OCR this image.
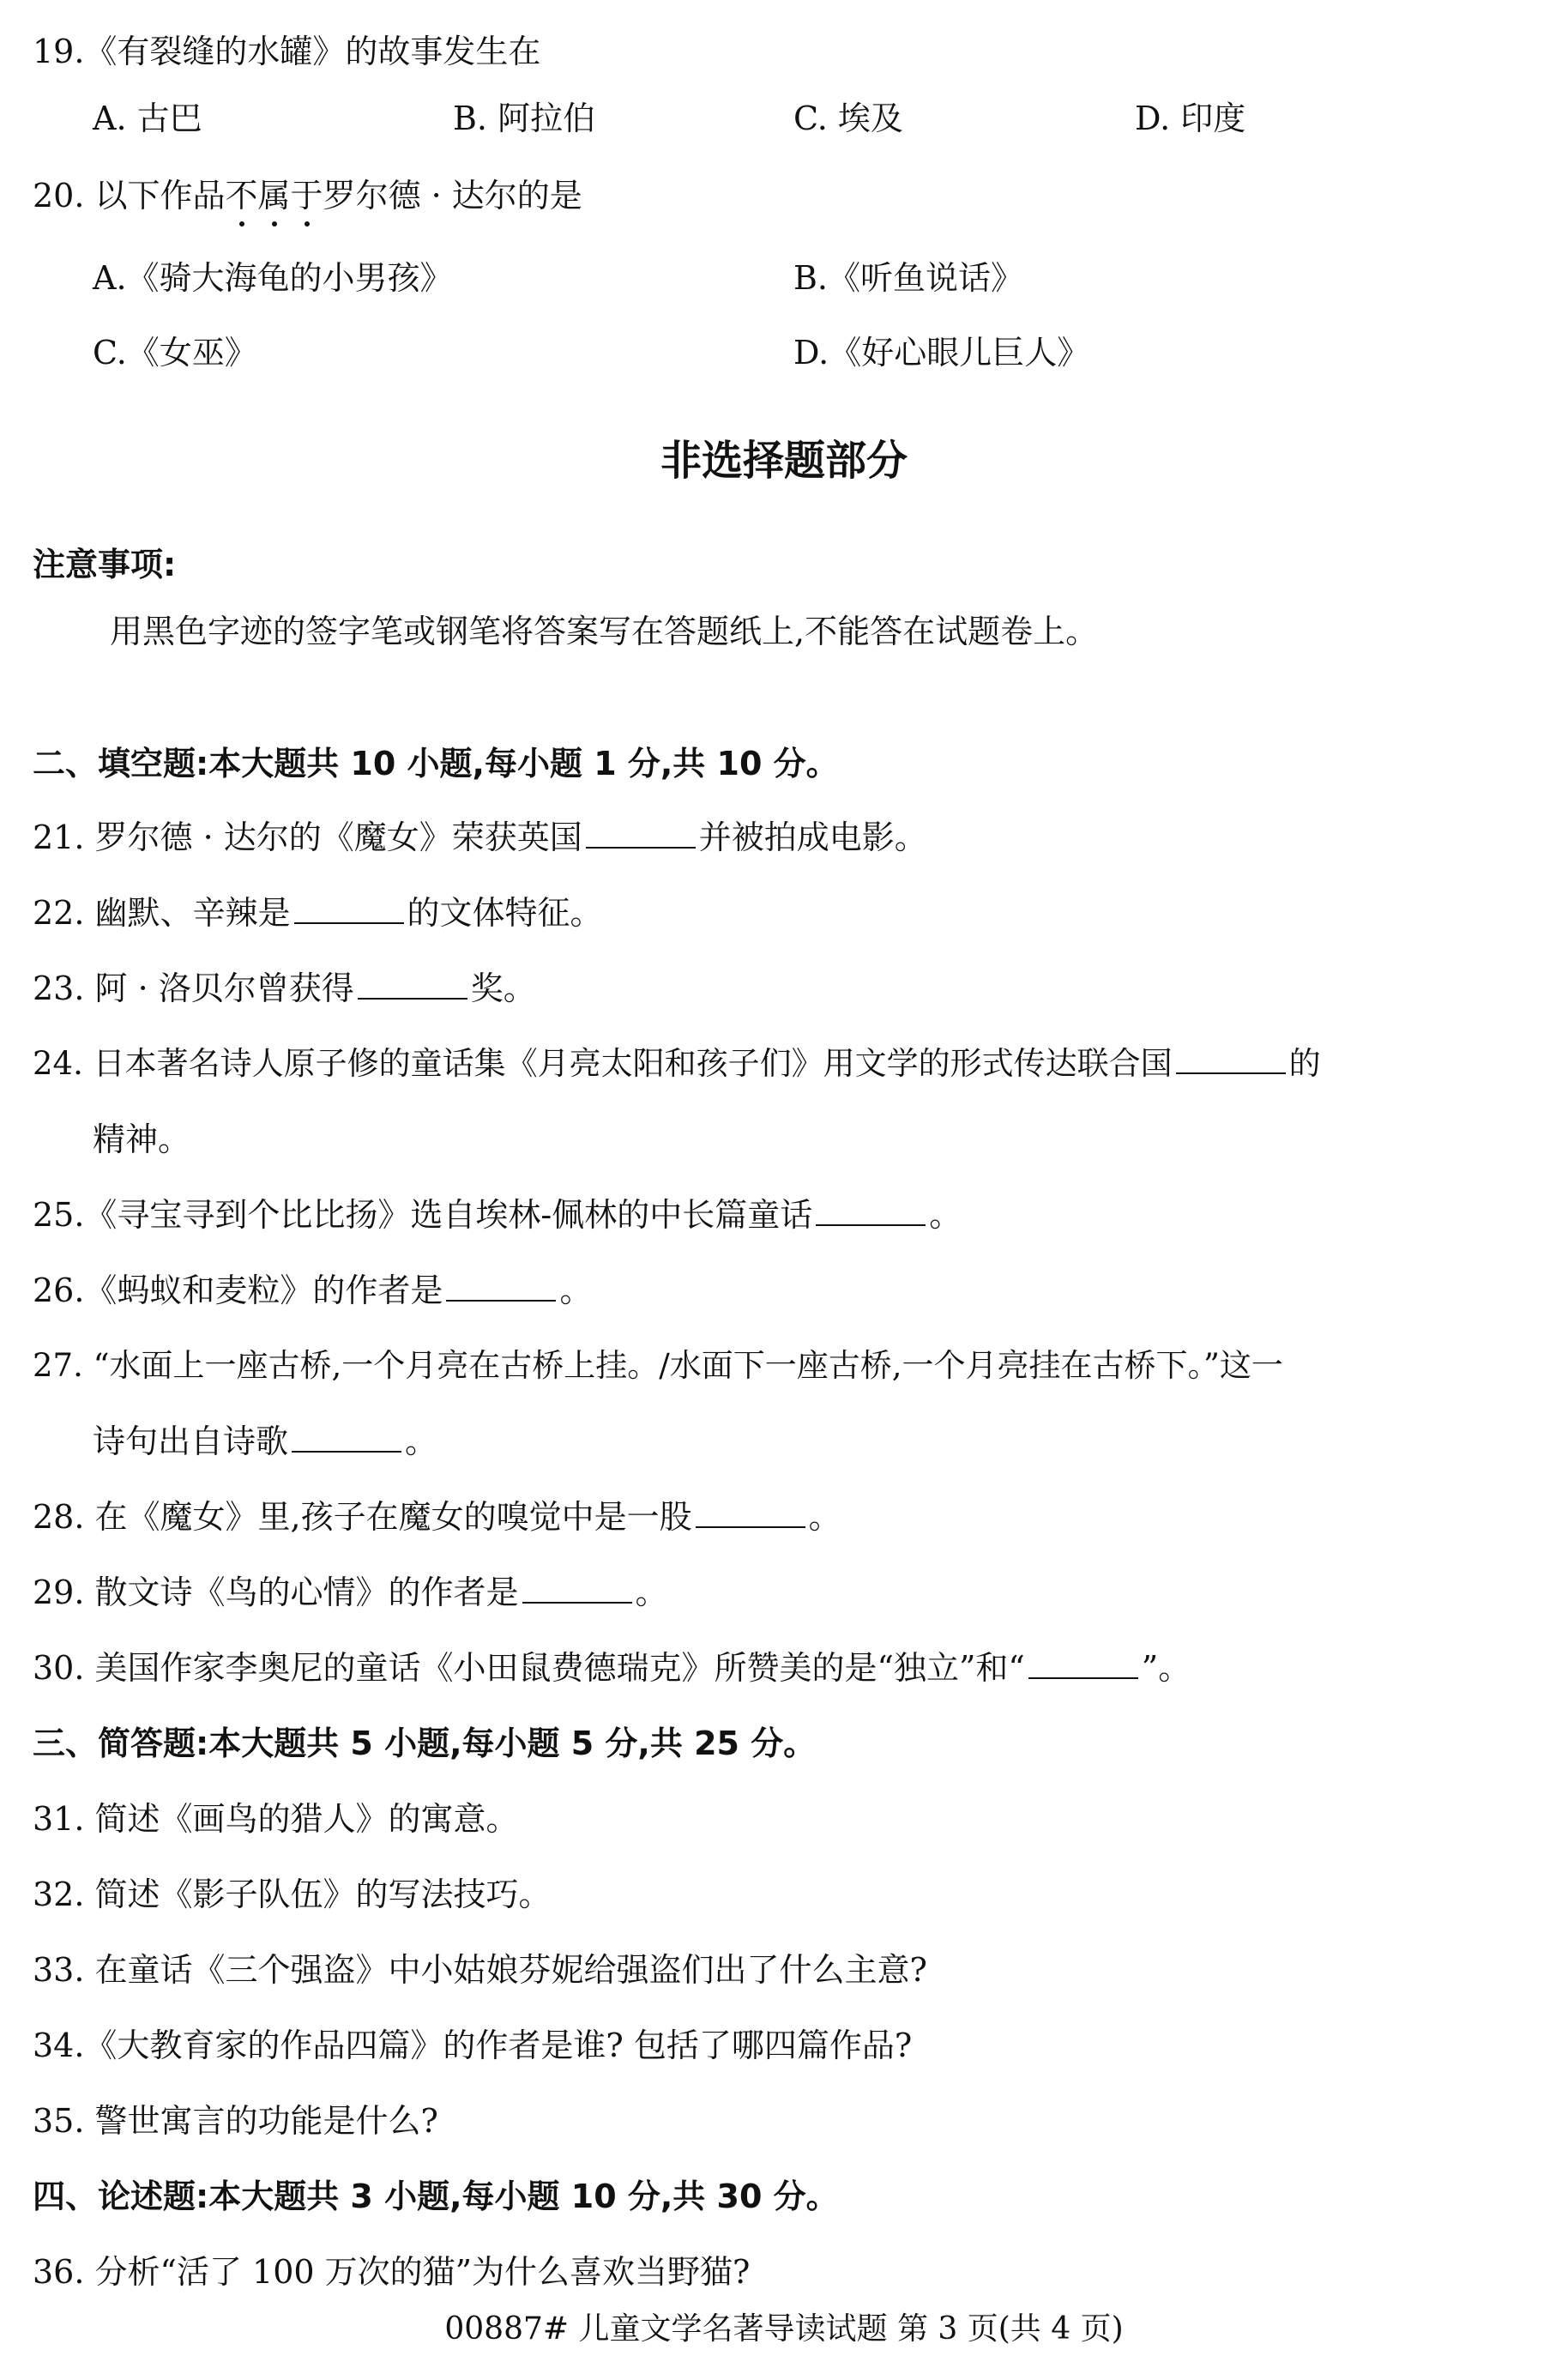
19.《有裂缝的水罐》的故事发生在
A. 古巴	B. 阿拉伯	C. 埃及	D. 印度
20. 以下作品不属于罗尔德 · 达尔的是
A.《骑大海龟的小男孩》	B.《听鱼说话》
C.《女巫》	D.《好心眼儿巨人》
非选择题部分
注意事项:
用黑色字迹的签字笔或钢笔将答案写在答题纸上,不能答在试题卷上。
二、填空题:本大题共 10 小题,每小题 1 分,共 10 分。
21. 罗尔德 · 达尔的《魔女》荣获英国	并被拍成电影。
22. 幽默、辛辣是	的文体特征。
23. 阿 · 洛贝尔曾获得	奖。
24. 日本著名诗人原子修的童话集《月亮太阳和孩子们》用文学的形式传达联合国	的
精神。
25.《寻宝寻到个比比扬》选自埃林-佩林的中长篇童话	。
26.《蚂蚁和麦粒》的作者是	。
27. “水面上一座古桥,一个月亮在古桥上挂。/水面下一座古桥,一个月亮挂在古桥下。”这一
诗句出自诗歌	。
28. 在《魔女》里,孩子在魔女的嗅觉中是一股	。
29. 散文诗《鸟的心情》的作者是	。
30. 美国作家李奥尼的童话《小田鼠费德瑞克》所赞美的是“独立”和“	”。
三、简答题:本大题共 5 小题,每小题 5 分,共 25 分。
31. 简述《画鸟的猎人》的寓意。
32. 简述《影子队伍》的写法技巧。
33. 在童话《三个强盗》中小姑娘芬妮给强盗们出了什么主意?
34.《大教育家的作品四篇》的作者是谁? 包括了哪四篇作品?
35. 警世寓言的功能是什么?
四、论述题:本大题共 3 小题,每小题 10 分,共 30 分。
36. 分析“活了 100 万次的猫”为什么喜欢当野猫?
00887# 儿童文学名著导读试题 第 3 页(共 4 页)
